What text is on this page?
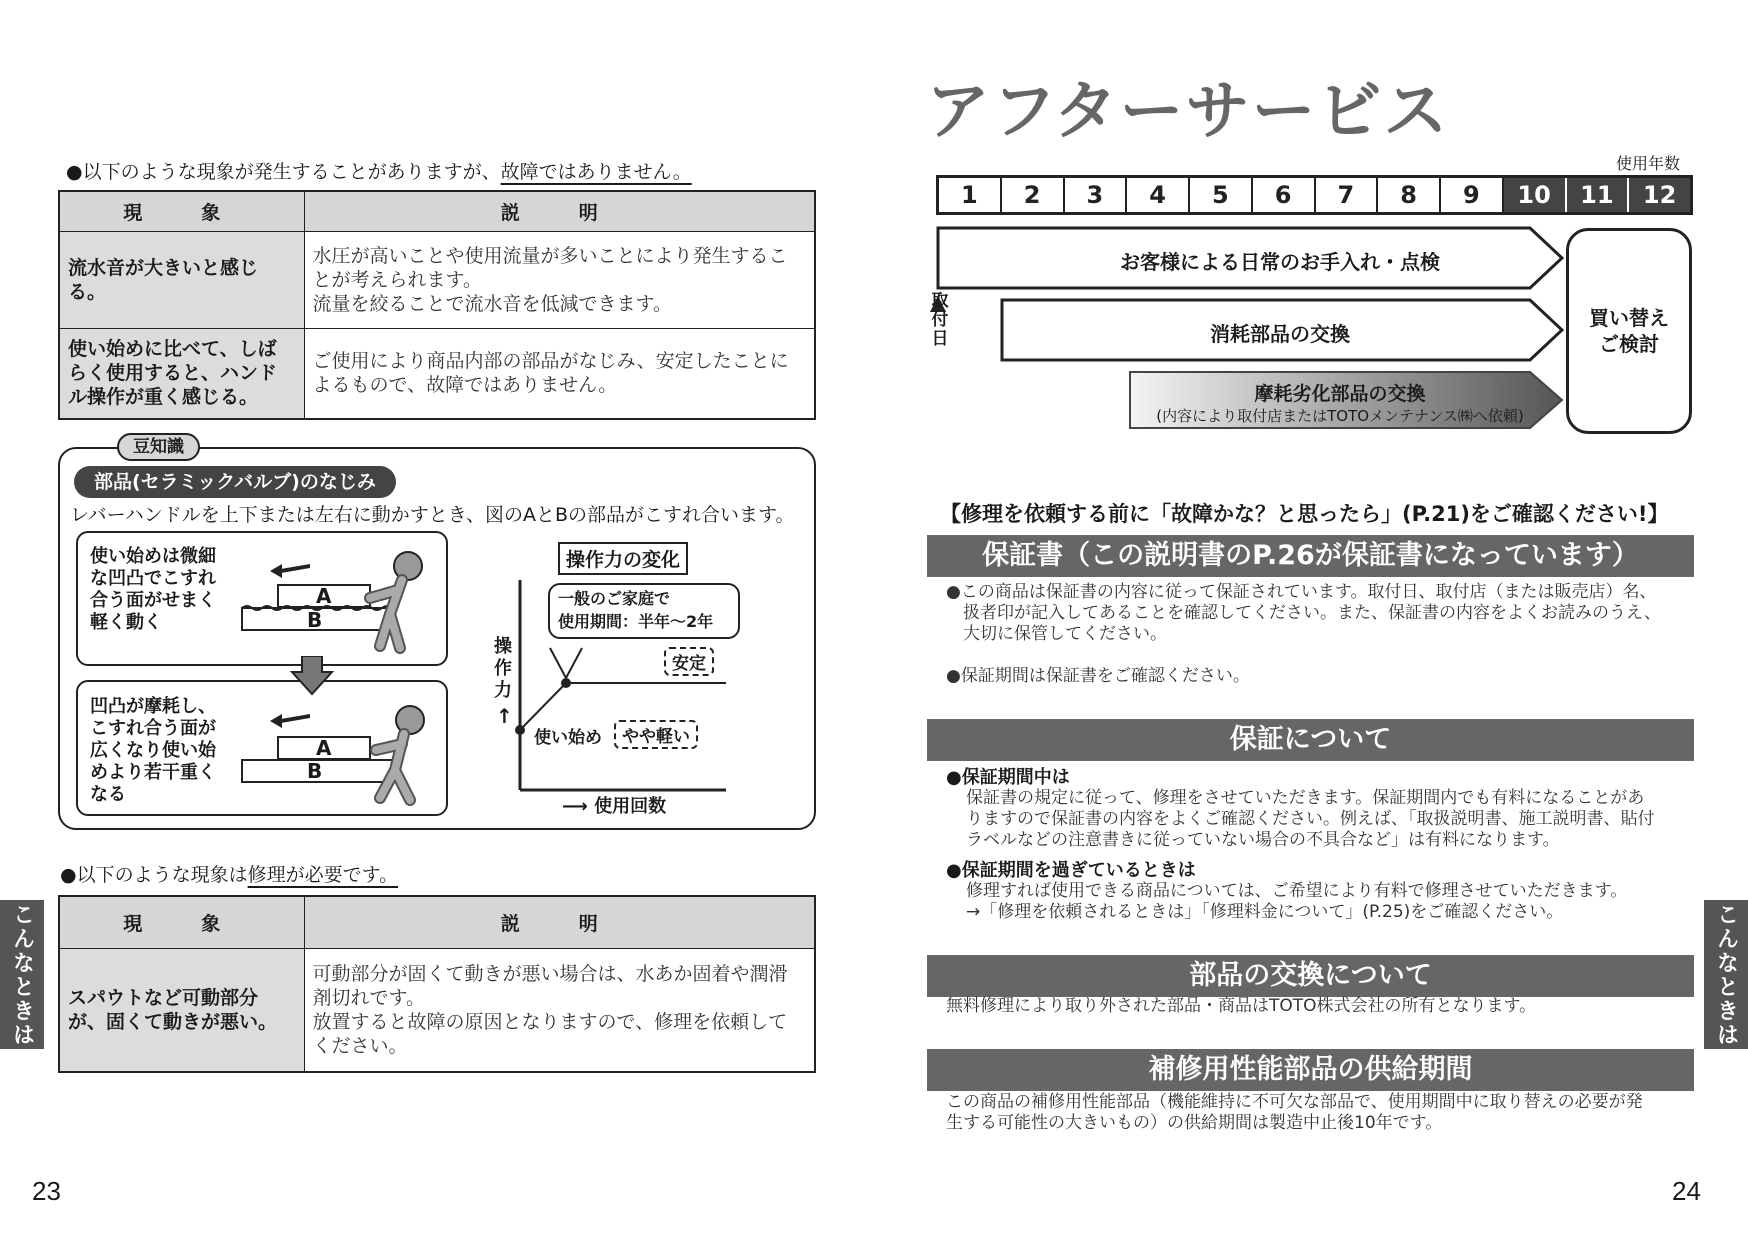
●以下のような現象が発生することがありますが、故障ではありません。
現　象	説　明
流水音が大きいと感じる。	水圧が高いことや使用流量が多いことにより発生することが考えられます。
流量を絞ることで流水音を低減できます。
使い始めに比べて、しばらく使用すると、ハンドル操作が重く感じる。	ご使用により商品内部の部品がなじみ、安定したことによるもので、故障ではありません。
豆知識
部品(セラミックバルブ)のなじみ
レバーハンドルを上下または左右に動かすとき、図のAとBの部品がこすれ合います。
使い始めは微細
な凹凸でこすれ
合う面がせまく
軽く動く
凹凸が摩耗し、
こすれ合う面が
広くなり使い始
めより若干重く
なる
A
B
A
B
操作力の変化
一般のご家庭で
使用期間：半年〜2年
安定
使い始め	やや軽い
操作力
↑
⟶ 使用回数
●以下のような現象は修理が必要です。
現　象	説　明
スパウトなど可動部分が、固くて動きが悪い。	可動部分が固くて動きが悪い場合は、水あか固着や潤滑剤切れです。
放置すると故障の原因となりますので、修理を依頼してください。
こんなときは
23
アフターサービス
使用年数
1	2	3	4	5	6	7	8	9	10	11	12
お客様による日常のお手入れ・点検
消耗部品の交換
摩耗劣化部品の交換
(内容により取付店またはTOTOメンテナンス㈱へ依頼)
買い替え
ご検討
取付日
【修理を依頼する前に「故障かな？と思ったら」(P.21)をご確認ください!】
保証書（この説明書のP.26が保証書になっています）
●この商品は保証書の内容に従って保証されています。取付日、取付店（または販売店）名、
　扱者印が記入してあることを確認してください。また、保証書の内容をよくお読みのうえ、
　大切に保管してください。
●保証期間は保証書をご確認ください。
保証について
●保証期間中は
保証書の規定に従って、修理をさせていただきます。保証期間内でも有料になることがあ
りますので保証書の内容をよくご確認ください。例えば、「取扱説明書、施工説明書、貼付
ラベルなどの注意書きに従っていない場合の不具合など」は有料になります。
●保証期間を過ぎているときは
修理すれば使用できる商品については、ご希望により有料で修理させていただきます。
→「修理を依頼されるときは」「修理料金について」(P.25)をご確認ください。
部品の交換について
無料修理により取り外された部品・商品はTOTO株式会社の所有となります。
補修用性能部品の供給期間
この商品の補修用性能部品（機能維持に不可欠な部品で、使用期間中に取り替えの必要が発
生する可能性の大きいもの）の供給期間は製造中止後10年です。
こんなときは
24
